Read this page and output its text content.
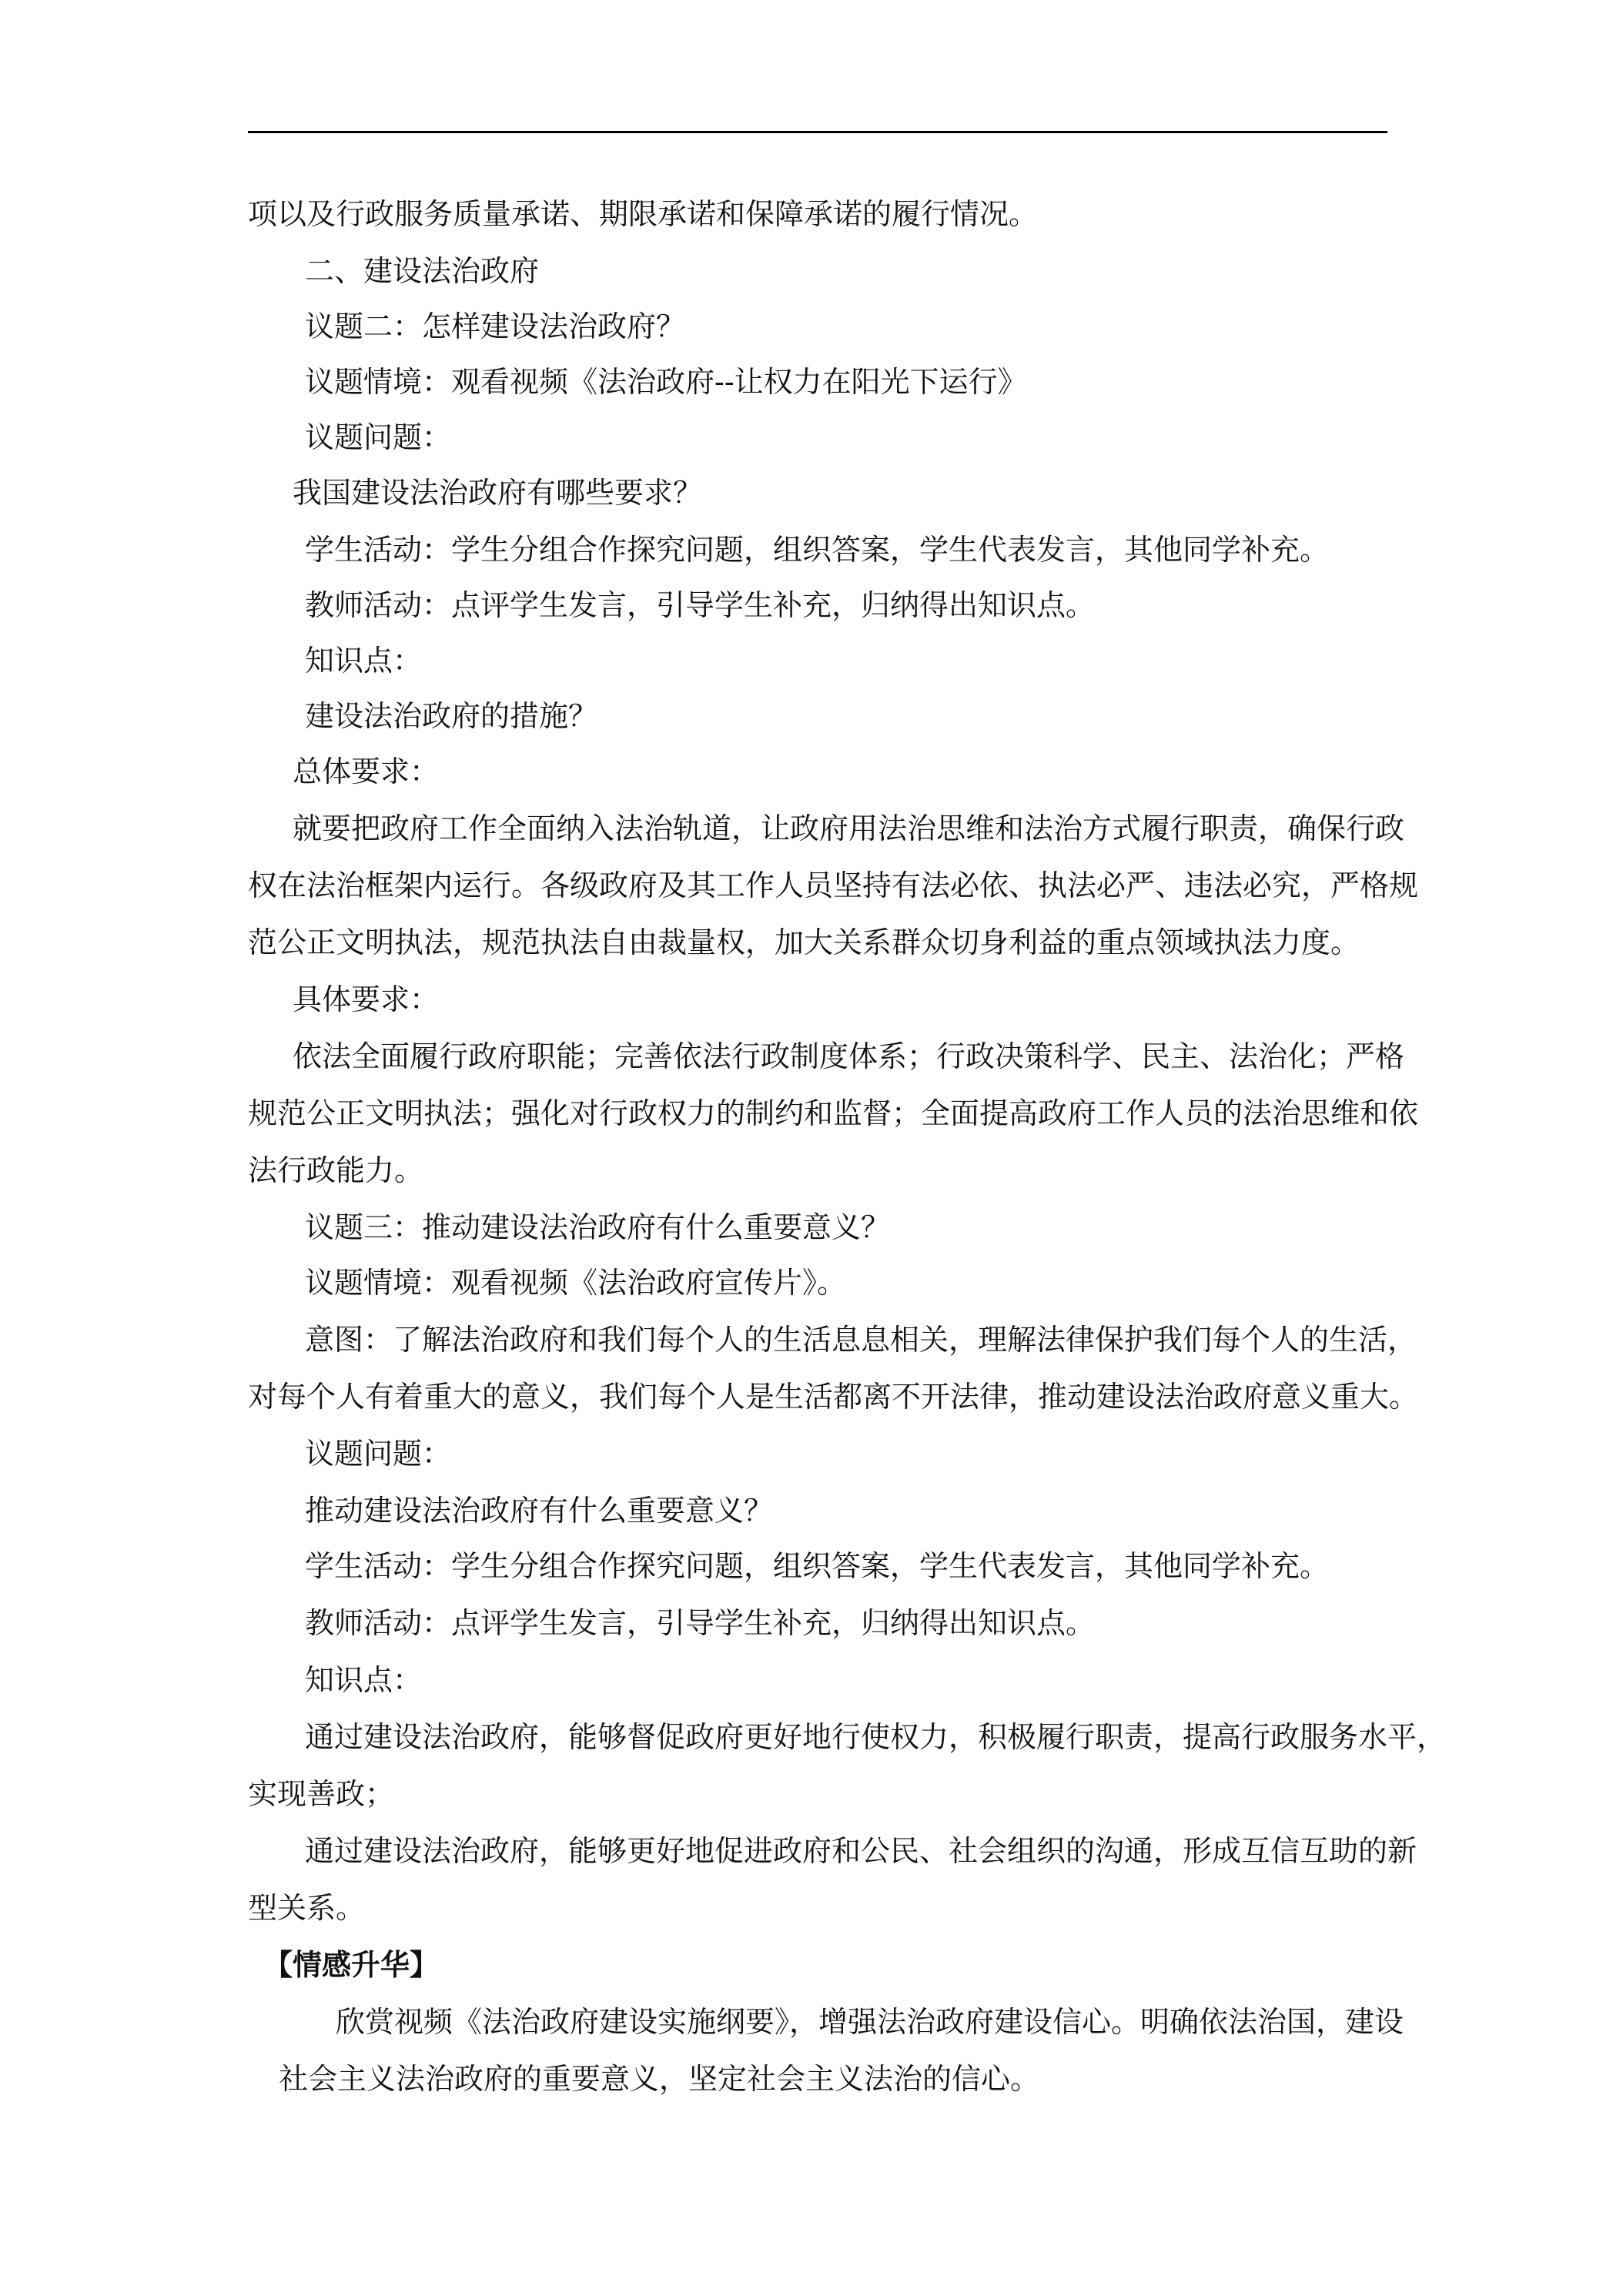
项以及行政服务质量承诺、期限承诺和保障承诺的履行情况。
二、建设法治政府
议题二：怎样建设法治政府？
议题情境：观看视频《法治政府--让权力在阳光下运行》
议题问题：
我国建设法治政府有哪些要求？
学生活动：学生分组合作探究问题，组织答案，学生代表发言，其他同学补充。
教师活动：点评学生发言，引导学生补充，归纳得出知识点。
知识点：
建设法治政府的措施？
总体要求：
就要把政府工作全面纳入法治轨道，让政府用法治思维和法治方式履行职责，确保行政
权在法治框架内运行。各级政府及其工作人员坚持有法必依、执法必严、违法必究，严格规
范公正文明执法，规范执法自由裁量权，加大关系群众切身利益的重点领域执法力度。
具体要求：
依法全面履行政府职能；完善依法行政制度体系；行政决策科学、民主、法治化；严格
规范公正文明执法；强化对行政权力的制约和监督；全面提高政府工作人员的法治思维和依
法行政能力。
议题三：推动建设法治政府有什么重要意义？
议题情境：观看视频《法治政府宣传片》。
意图：了解法治政府和我们每个人的生活息息相关，理解法律保护我们每个人的生活，
对每个人有着重大的意义，我们每个人是生活都离不开法律，推动建设法治政府意义重大。
议题问题：
推动建设法治政府有什么重要意义？
学生活动：学生分组合作探究问题，组织答案，学生代表发言，其他同学补充。
教师活动：点评学生发言，引导学生补充，归纳得出知识点。
知识点：
通过建设法治政府，能够督促政府更好地行使权力，积极履行职责，提高行政服务水平，
实现善政；
通过建设法治政府，能够更好地促进政府和公民、社会组织的沟通，形成互信互助的新
型关系。
【情感升华】
欣赏视频《法治政府建设实施纲要》，增强法治政府建设信心。明确依法治国，建设
社会主义法治政府的重要意义，坚定社会主义法治的信心。
